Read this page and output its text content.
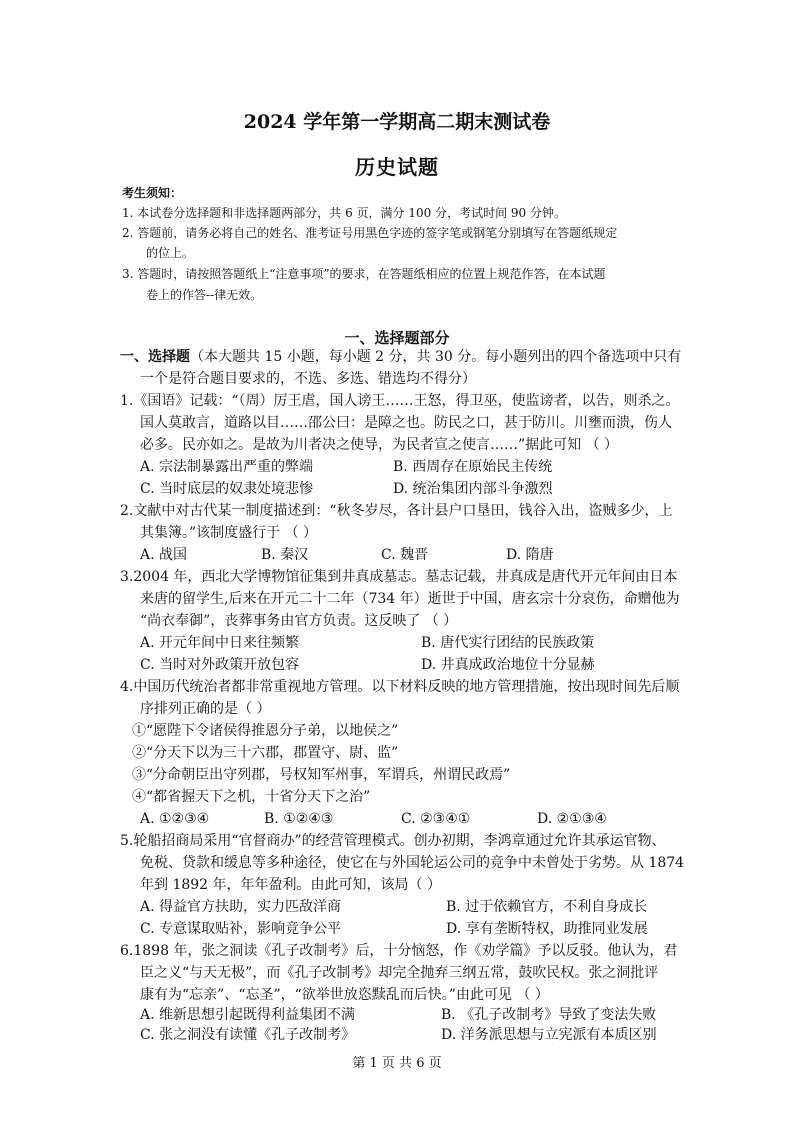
2024 学年第一学期高二期末测试卷
历史试题
考生须知：
1. 本试卷分选择题和非选择题两部分，共 6 页，满分 100 分，考试时间 90 分钟。
2. 答题前，请务必将自己的姓名、准考证号用黑色字迹的签字笔或钢笔分别填写在答题纸规定
的位上。
3. 答题时，请按照答题纸上“注意事项”的要求，在答题纸相应的位置上规范作答，在本试题
卷上的作答--律无效。
一、选择题部分
一、选择题（本大题共 15 小题，每小题 2 分，共 30 分。每小题列出的四个备选项中只有
一个是符合题目要求的，不选、多选、错选均不得分）
1.《国语》记载：“（周）厉王虐，国人谤王……王怒，得卫巫，使监谤者，以告，则杀之。
国人莫敢言，道路以目……邵公曰：是障之也。防民之口，甚于防川。川壅而溃，伤人
必多。民亦如之。是故为川者决之使导，为民者宣之使言……”据此可知 （ ）
A. 宗法制暴露出严重的弊端	B. 西周存在原始民主传统
C. 当时底层的奴隶处境悲惨	D. 统治集团内部斗争激烈
2.文献中对古代某一制度描述到：“秋冬岁尽，各计县户口垦田，钱谷入出，盗贼多少，上
其集簿。”该制度盛行于 （ ）
A. 战国	B. 秦汉	C. 魏晋	D. 隋唐
3.2004 年，西北大学博物馆征集到井真成墓志。墓志记载，井真成是唐代开元年间由日本
来唐的留学生,后来在开元二十二年（734 年）逝世于中国，唐玄宗十分哀伤，命赠他为
“尚衣奉御”，丧葬事务由官方负责。这反映了 （ ）
A. 开元年间中日来往频繁	B. 唐代实行团结的民族政策
C. 当时对外政策开放包容	D. 井真成政治地位十分显赫
4.中国历代统治者都非常重视地方管理。以下材料反映的地方管理措施，按出现时间先后顺
序排列正确的是（ ）
①“愿陛下令诸侯得推恩分子弟，以地侯之”
②“分天下以为三十六郡，郡置守、尉、监”
③“分命朝臣出守列郡，号权知军州事，军谓兵，州谓民政焉”
④“都省握天下之机，十省分天下之治”
A. ①②③④	B. ①②④③	C. ②③④①	D. ②①③④
5.轮船招商局采用“官督商办”的经营管理模式。创办初期，李鸿章通过允许其承运官物、
免税、贷款和缓息等多种途径，使它在与外国轮运公司的竞争中未曾处于劣势。从 1874
年到 1892 年，年年盈利。由此可知，该局（ ）
A. 得益官方扶助，实力匹敌洋商	B. 过于依赖官方，不利自身成长
C. 专意谋取贴补，影响竞争公平	D. 享有垄断特权，助推同业发展
6.1898 年，张之洞读《孔子改制考》后，十分恼怒，作《劝学篇》予以反驳。他认为，君
臣之义“与天无极”，而《孔子改制考》却完全抛弃三纲五常，鼓吹民权。张之洞批评
康有为“忘亲”、“忘圣”，“欲举世放恣黩乱而后快。”由此可见 （ ）
A. 维新思想引起既得利益集团不满	B. 《孔子改制考》导致了变法失败
C. 张之洞没有读懂《孔子改制考》	D. 洋务派思想与立宪派有本质区别
第 1 页 共 6 页
